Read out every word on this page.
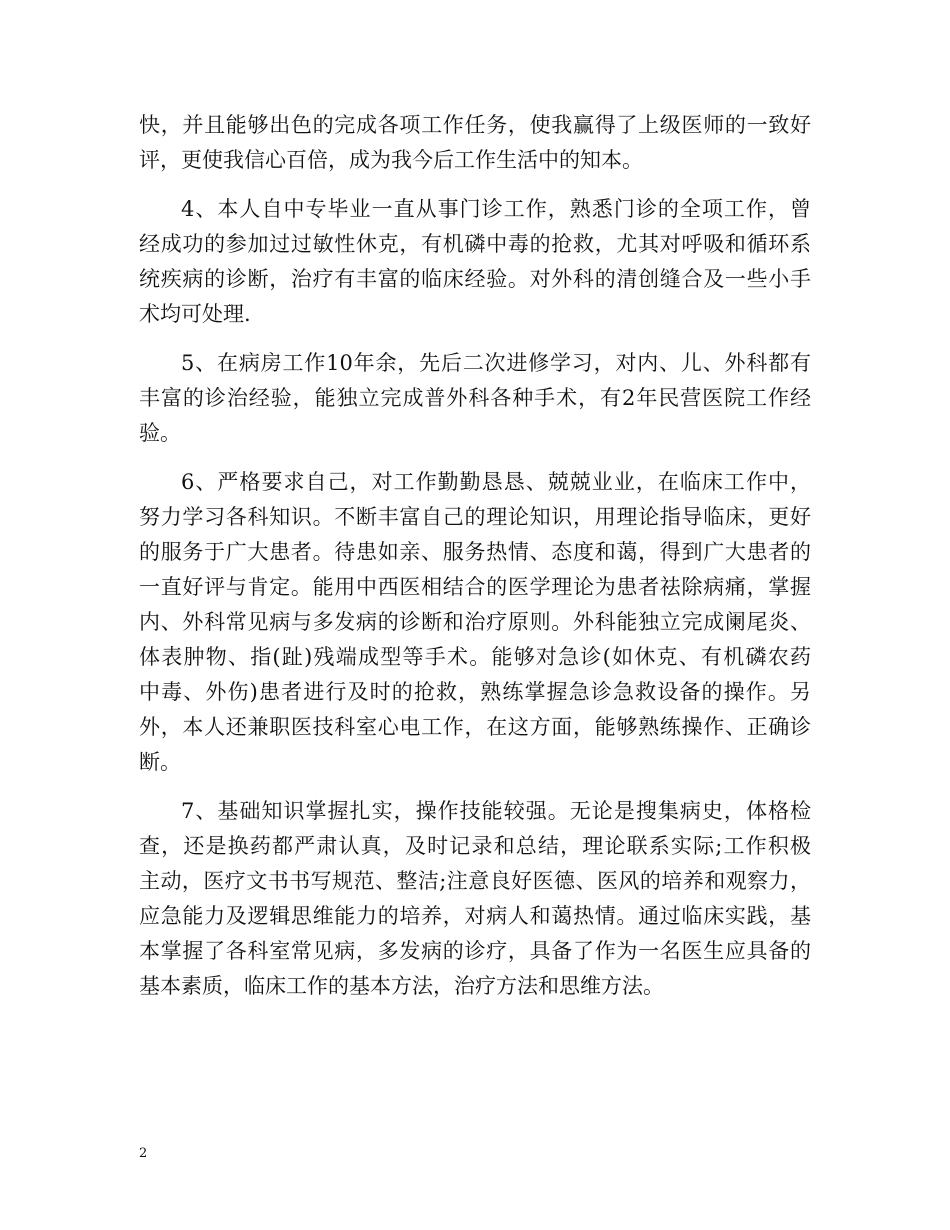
快，并且能够出色的完成各项工作任务，使我赢得了上级医师的一致好
评，更使我信心百倍，成为我今后工作生活中的知本。
4、本人自中专毕业一直从事门诊工作，熟悉门诊的全项工作，曾
经成功的参加过过敏性休克，有机磷中毒的抢救，尤其对呼吸和循环系
统疾病的诊断，治疗有丰富的临床经验。对外科的清创缝合及一些小手
术均可处理.
5、在病房工作10年余，先后二次进修学习，对内、儿、外科都有
丰富的诊治经验，能独立完成普外科各种手术，有2年民营医院工作经
验。
6、严格要求自己，对工作勤勤恳恳、兢兢业业，在临床工作中，
努力学习各科知识。不断丰富自己的理论知识，用理论指导临床，更好
的服务于广大患者。待患如亲、服务热情、态度和蔼，得到广大患者的
一直好评与肯定。能用中西医相结合的医学理论为患者祛除病痛，掌握
内、外科常见病与多发病的诊断和治疗原则。外科能独立完成阑尾炎、
体表肿物、指(趾)残端成型等手术。能够对急诊(如休克、有机磷农药
中毒、外伤)患者进行及时的抢救，熟练掌握急诊急救设备的操作。另
外，本人还兼职医技科室心电工作，在这方面，能够熟练操作、正确诊
断。
7、基础知识掌握扎实，操作技能较强。无论是搜集病史，体格检
查，还是换药都严肃认真，及时记录和总结，理论联系实际;工作积极
主动，医疗文书书写规范、整洁;注意良好医德、医风的培养和观察力，
应急能力及逻辑思维能力的培养，对病人和蔼热情。通过临床实践，基
本掌握了各科室常见病，多发病的诊疗，具备了作为一名医生应具备的
基本素质，临床工作的基本方法，治疗方法和思维方法。
2
